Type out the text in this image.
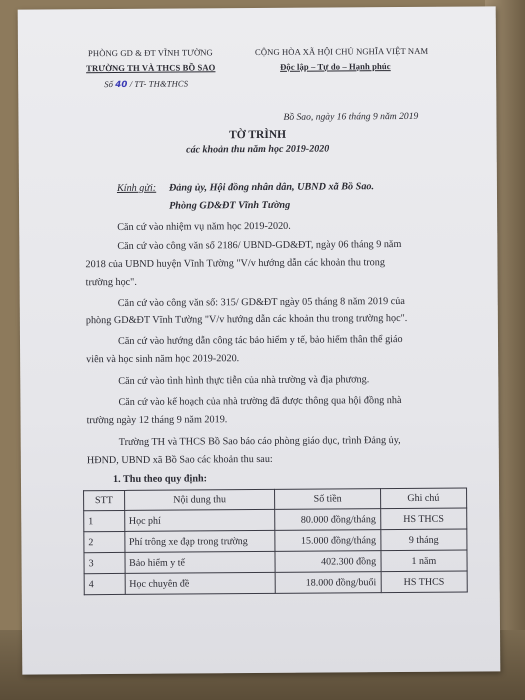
PHÒNG GD & ĐT VĨNH TƯỜNG
TRƯỜNG TH VÀ THCS BỒ SAO
Số 40 / TT- TH&THCS
CỘNG HÒA XÃ HỘI CHỦ NGHĨA VIỆT NAM
Độc lập – Tự do – Hạnh phúc
Bồ Sao, ngày 16 tháng 9 năm 2019
TỜ TRÌNH
các khoản thu năm học 2019-2020
Kính gửi: Đảng ủy, Hội đồng nhân dân, UBND xã Bồ Sao.
Phòng GD&ĐT Vĩnh Tường
Căn cứ vào nhiệm vụ năm học 2019-2020.
Căn cứ vào công văn số 2186/ UBND-GD&ĐT, ngày 06 tháng 9 năm
2018 của UBND huyện Vĩnh Tường "V/v hướng dẫn các khoản thu trong
trường học".
Căn cứ vào công văn số: 315/ GD&ĐT ngày 05 tháng 8 năm 2019 của
phòng GD&ĐT Vĩnh Tường "V/v hướng dẫn các khoản thu trong trường học".
Căn cứ vào hướng dẫn công tác bảo hiểm y tế, bảo hiểm thân thể giáo
viên và học sinh năm học 2019-2020.
Căn cứ vào tình hình thực tiễn của nhà trường và địa phương.
Căn cứ vào kế hoạch của nhà trường đã được thông qua hội đồng nhà
trường ngày 12 tháng 9 năm 2019.
Trường TH và THCS Bồ Sao báo cáo phòng giáo dục, trình Đảng ủy,
HĐND, UBND xã Bồ Sao các khoản thu sau:
1. Thu theo quy định:
STT	Nội dung thu	Số tiền	Ghi chú
1	Học phí	80.000 đồng/tháng	HS THCS
2	Phí trông xe đạp trong trường	15.000 đồng/tháng	9 tháng
3	Bảo hiểm y tế	402.300 đồng	1 năm
4	Học chuyên đề	18.000 đồng/buổi	HS THCS
